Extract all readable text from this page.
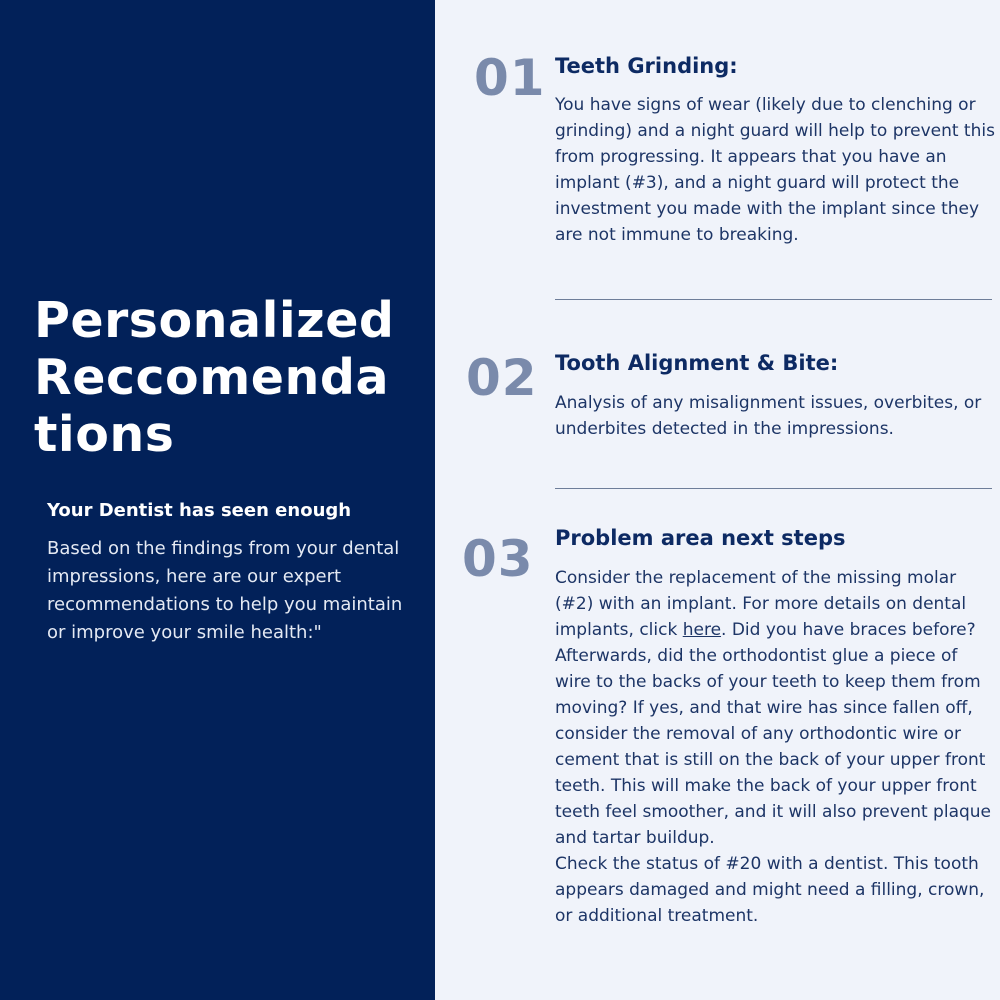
Personalized
Reccomenda
tions
Your Dentist has seen enough

Based on the findings from your dental impressions, here are our expert recommendations to help you maintain or improve your smile health:"

01 Teeth Grinding:

You have signs of wear (likely due to clenching or grinding) and a night guard will help to prevent this from progressing. It appears that you have an implant (#3), and a night guard will protect the investment you made with the implant since they are not immune to breaking.

02 Tooth Alignment & Bite:

Analysis of any misalignment issues, overbites, or underbites detected in the impressions.

03 Problem area next steps

Consider the replacement of the missing molar (#2) with an implant. For more details on dental implants, click here. Did you have braces before? Afterwards, did the orthodontist glue a piece of wire to the backs of your teeth to keep them from moving? If yes, and that wire has since fallen off, consider the removal of any orthodontic wire or cement that is still on the back of your upper front teeth. This will make the back of your upper front teeth feel smoother, and it will also prevent plaque and tartar buildup.

Check the status of #20 with a dentist. This tooth appears damaged and might need a filling, crown, or additional treatment.
